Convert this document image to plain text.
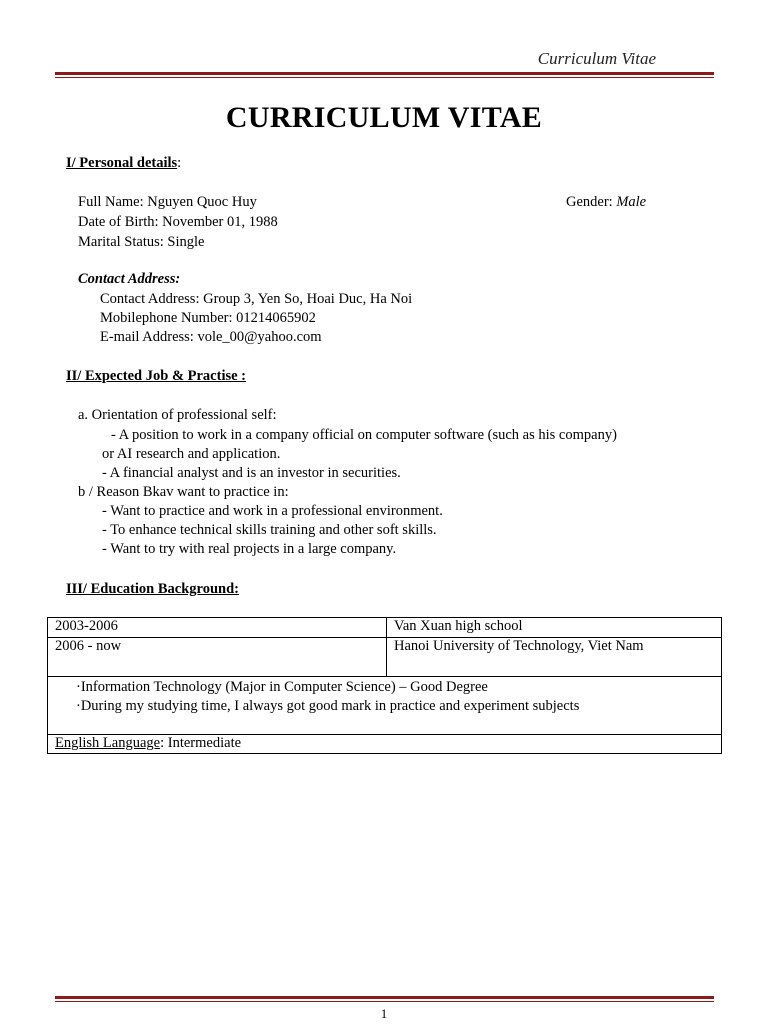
Curriculum Vitae
CURRICULUM VITAE
I/ Personal details:
Full Name: Nguyen Quoc Huy	Gender: Male
Date of Birth: November 01, 1988
Marital Status: Single
Contact Address:
Contact Address: Group 3, Yen So, Hoai Duc, Ha Noi
Mobilephone Number: 01214065902
E-mail Address: vole_00@yahoo.com
II/ Expected Job & Practise :
a. Orientation of professional self:
- A position to work in a company official on computer software (such as his company)
or AI research and application.
- A financial analyst and is an investor in securities.
b / Reason Bkav want to practice in:
- Want to practice and work in a professional environment.
- To enhance technical skills training and other soft skills.
- Want to try with real projects in a large company.
III/ Education Background:
2003-2006	Van Xuan high school
2006 - now	Hanoi University of Technology, Viet Nam

·Information Technology (Major in Computer Science) – Good Degree
·During my studying time, I always got good mark in practice and experiment subjects	

English Language: Intermediate	
1
